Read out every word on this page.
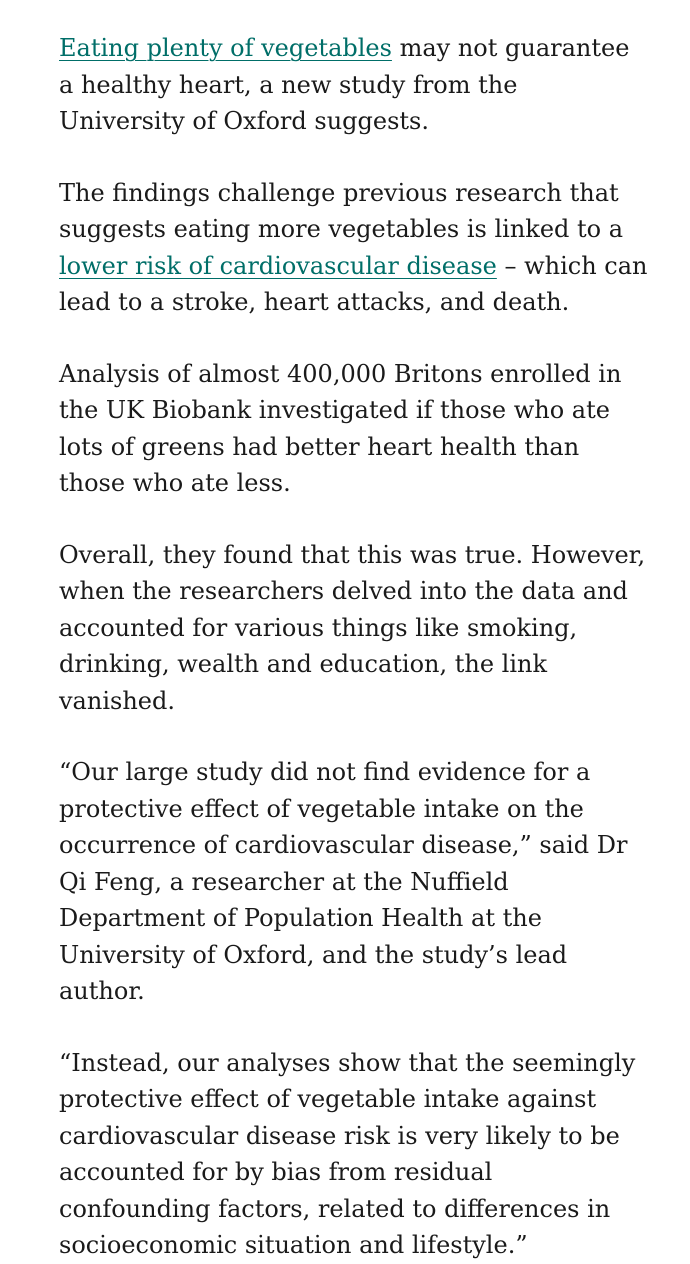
Eating plenty of vegetables may not guarantee a healthy heart, a new study from the University of Oxford suggests.

The findings challenge previous research that suggests eating more vegetables is linked to a lower risk of cardiovascular disease – which can lead to a stroke, heart attacks, and death.

Analysis of almost 400,000 Britons enrolled in the UK Biobank investigated if those who ate lots of greens had better heart health than those who ate less.

Overall, they found that this was true. However, when the researchers delved into the data and accounted for various things like smoking, drinking, wealth and education, the link vanished.

“Our large study did not find evidence for a protective effect of vegetable intake on the occurrence of cardiovascular disease,” said Dr Qi Feng, a researcher at the Nuffield Department of Population Health at the University of Oxford, and the study’s lead author.

“Instead, our analyses show that the seemingly protective effect of vegetable intake against cardiovascular disease risk is very likely to be accounted for by bias from residual confounding factors, related to differences in socioeconomic situation and lifestyle.”
